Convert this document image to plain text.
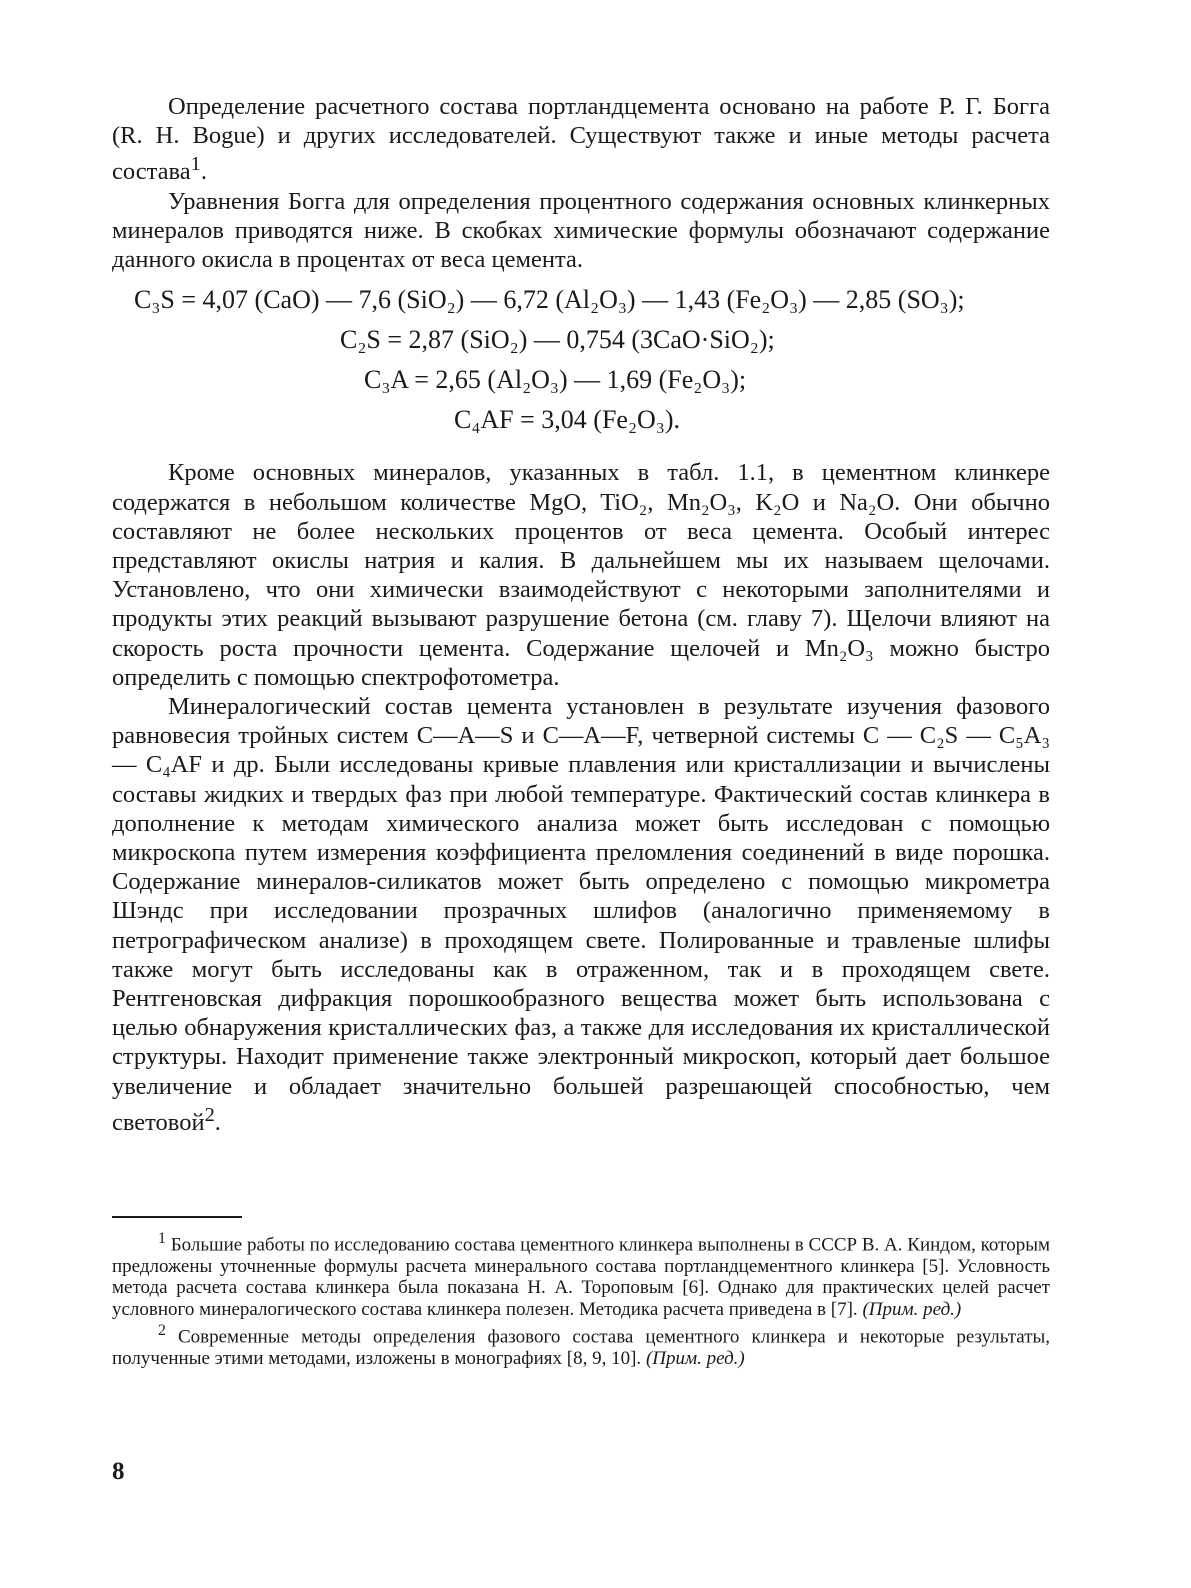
Определение расчетного состава портландцемента основано на работе Р. Г. Богга (R. H. Bogue) и других исследователей. Существуют также и иные методы расчета состава$^1$.

Уравнения Богга для определения процентного содержания основных клинкерных минералов приводятся ниже. В скобках химические формулы обозначают содержание данного окисла в процентах от веса цемента.

C₃S = 4,07 (CaO) — 7,6 (SiO₂) — 6,72 (Al₂O₃) — 1,43 (Fe₂O₃) — 2,85 (SO₃);
C₂S = 2,87 (SiO₂) — 0,754 (3CaO·SiO₂);
C₃A = 2,65 (Al₂O₃) — 1,69 (Fe₂O₃);
C₄AF = 3,04 (Fe₂O₃).

Кроме основных минералов, указанных в табл. 1.1, в цементном клинкере содержатся в небольшом количестве MgO, TiO₂, Mn₂O₃, K₂O и Na₂O. Они обычно составляют не более нескольких процентов от веса цемента. Особый интерес представляют окислы натрия и калия. В дальнейшем мы их называем щелочами. Установлено, что они химически взаимодействуют с некоторыми заполнителями и продукты этих реакций вызывают разрушение бетона (см. главу 7). Щелочи влияют на скорость роста прочности цемента. Содержание щелочей и Mn₂O₃ можно быстро определить с помощью спектрофотометра.

Минералогический состав цемента установлен в результате изучения фазового равновесия тройных систем C—A—S и C—A—F, четверной системы C — C₂S — C₅A₃ — C₄AF и др. Были исследованы кривые плавления или кристаллизации и вычислены составы жидких и твердых фаз при любой температуре. Фактический состав клинкера в дополнение к методам химического анализа может быть исследован с помощью микроскопа путем измерения коэффициента преломления соединений в виде порошка. Содержание минералов-силикатов может быть определено с помощью микрометра Шэндс при исследовании прозрачных шлифов (аналогично применяемому в петрографическом анализе) в проходящем свете. Полированные и травленые шлифы также могут быть исследованы как в отраженном, так и в проходящем свете. Рентгеновская дифракция порошкообразного вещества может быть использована с целью обнаружения кристаллических фаз, а также для исследования их кристаллической структуры. Находит применение также электронный микроскоп, который дает большое увеличение и обладает значительно большей разрешающей способностью, чем световой$^2$.

$^1$ Большие работы по исследованию состава цементного клинкера выполнены в СССР В. А. Киндом, которым предложены уточненные формулы расчета минерального состава портландцементного клинкера [5]. Условность метода расчета состава клинкера была показана Н. А. Тороповым [6]. Однако для практических целей расчет условного минералогического состава клинкера полезен. Методика расчета приведена в [7]. (Прим. ред.)

$^2$ Современные методы определения фазового состава цементного клинкера и некоторые результаты, полученные этими методами, изложены в монографиях [8, 9, 10]. (Прим. ред.)

8
